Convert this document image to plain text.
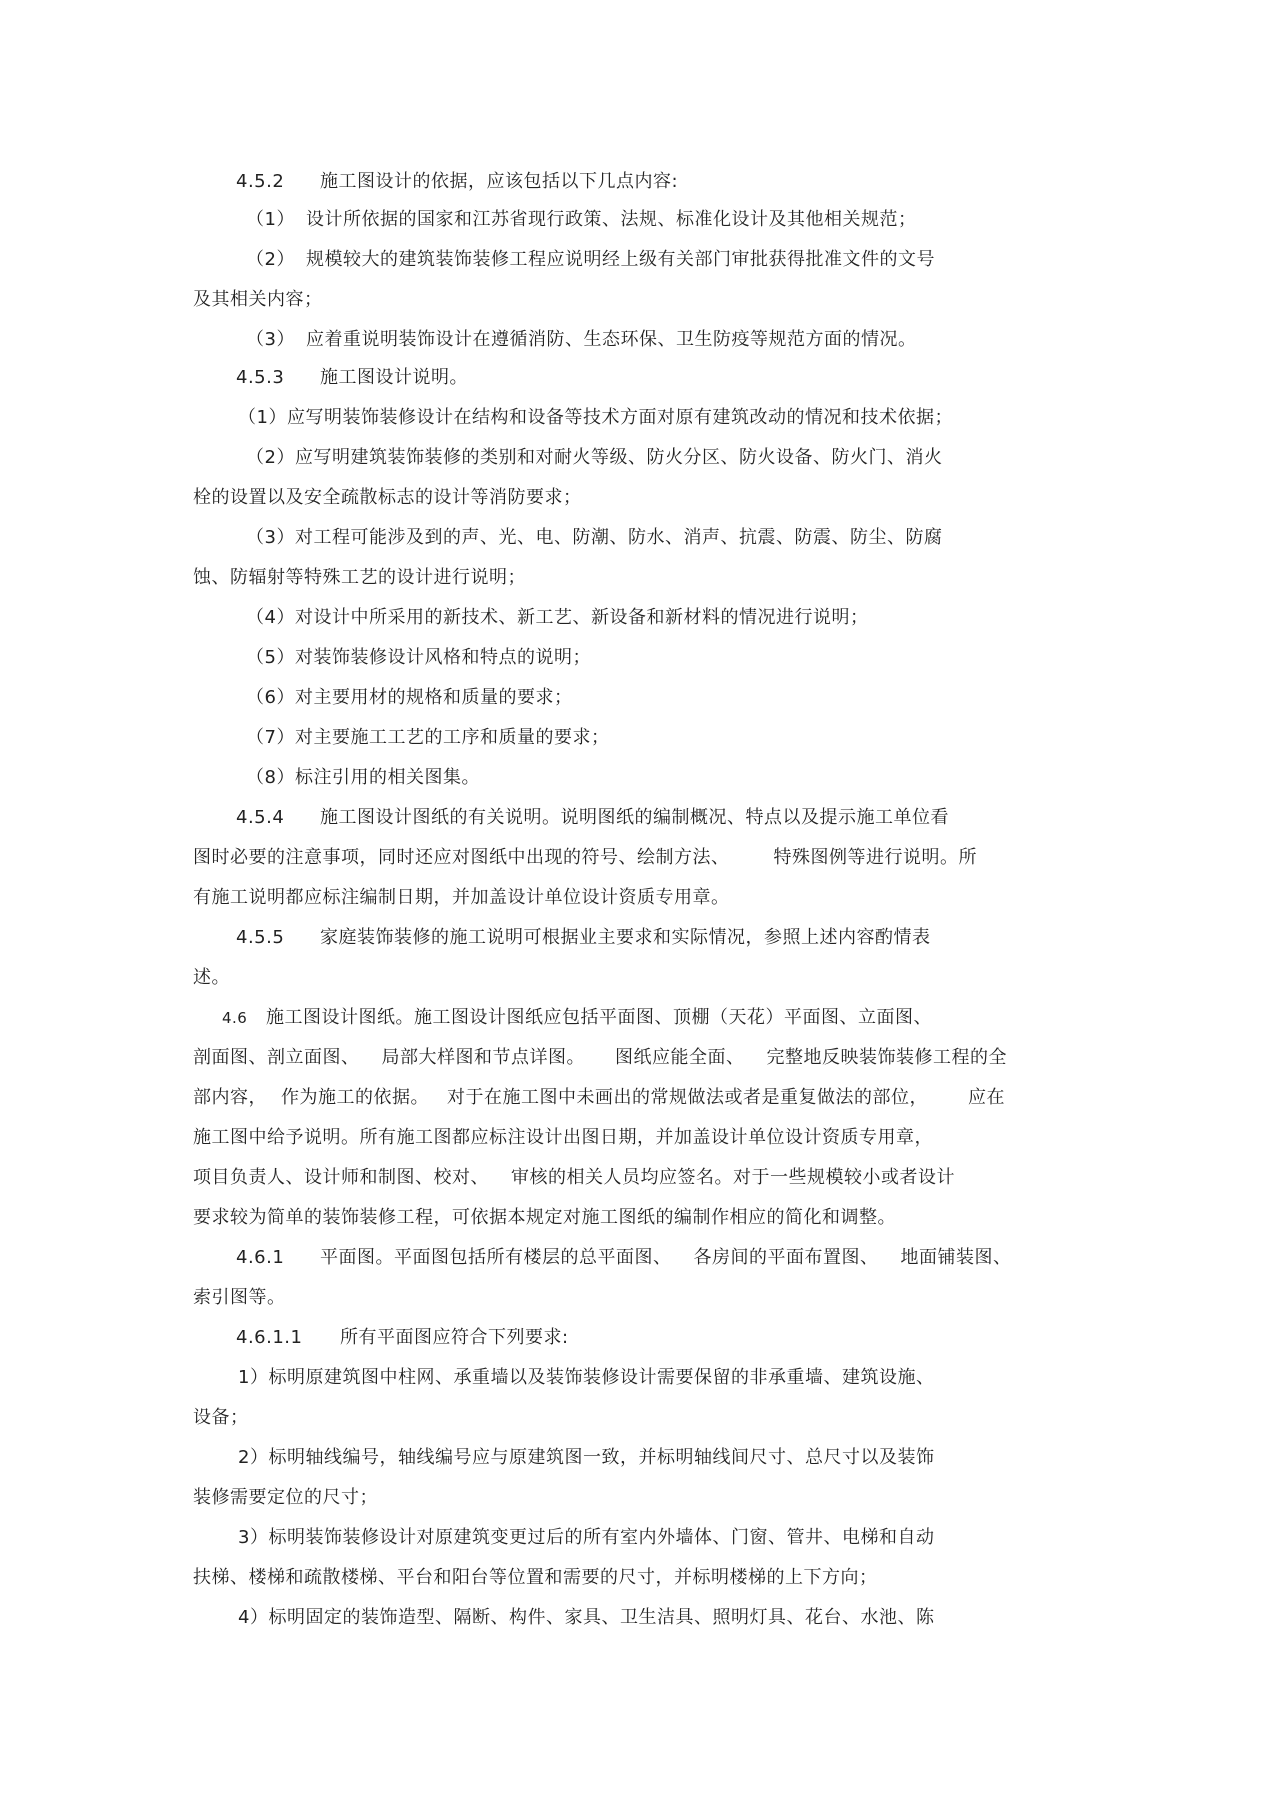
4.5.2 施工图设计的依据，应该包括以下几点内容:
（1） 设计所依据的国家和江苏省现行政策、法规、标准化设计及其他相关规范；
（2） 规模较大的建筑装饰装修工程应说明经上级有关部门审批获得批准文件的文号
及其相关内容；
（3） 应着重说明装饰设计在遵循消防、生态环保、卫生防疫等规范方面的情况。
4.5.3 施工图设计说明。
（1）应写明装饰装修设计在结构和设备等技术方面对原有建筑改动的情况和技术依据；
（2）应写明建筑装饰装修的类别和对耐火等级、防火分区、防火设备、防火门、消火
栓的设置以及安全疏散标志的设计等消防要求；
（3）对工程可能涉及到的声、光、电、防潮、防水、消声、抗震、防震、防尘、防腐
蚀、防辐射等特殊工艺的设计进行说明；
（4）对设计中所采用的新技术、新工艺、新设备和新材料的情况进行说明；
（5）对装饰装修设计风格和特点的说明；
（6）对主要用材的规格和质量的要求；
（7）对主要施工工艺的工序和质量的要求；
（8）标注引用的相关图集。
4.5.4 施工图设计图纸的有关说明。说明图纸的编制概况、特点以及提示施工单位看
图时必要的注意事项，同时还应对图纸中出现的符号、绘制方法、 特殊图例等进行说明。所
有施工说明都应标注编制日期，并加盖设计单位设计资质专用章。
4.5.5 家庭装饰装修的施工说明可根据业主要求和实际情况，参照上述内容酌情表
述。
4.6 施工图设计图纸。施工图设计图纸应包括平面图、顶棚（天花）平面图、立面图、
剖面图、剖立面图、 局部大样图和节点详图。 图纸应能全面、 完整地反映装饰装修工程的全
部内容， 作为施工的依据。 对于在施工图中未画出的常规做法或者是重复做法的部位， 应在
施工图中给予说明。所有施工图都应标注设计出图日期，并加盖设计单位设计资质专用章，
项目负责人、设计师和制图、校对、 审核的相关人员均应签名。对于一些规模较小或者设计
要求较为简单的装饰装修工程，可依据本规定对施工图纸的编制作相应的简化和调整。
4.6.1 平面图。平面图包括所有楼层的总平面图、 各房间的平面布置图、 地面铺装图、
索引图等。
4.6.1.1 所有平面图应符合下列要求:
1）标明原建筑图中柱网、承重墙以及装饰装修设计需要保留的非承重墙、建筑设施、
设备；
2）标明轴线编号，轴线编号应与原建筑图一致，并标明轴线间尺寸、总尺寸以及装饰
装修需要定位的尺寸；
3）标明装饰装修设计对原建筑变更过后的所有室内外墙体、门窗、管井、电梯和自动
扶梯、楼梯和疏散楼梯、平台和阳台等位置和需要的尺寸，并标明楼梯的上下方向；
4）标明固定的装饰造型、隔断、构件、家具、卫生洁具、照明灯具、花台、水池、陈
